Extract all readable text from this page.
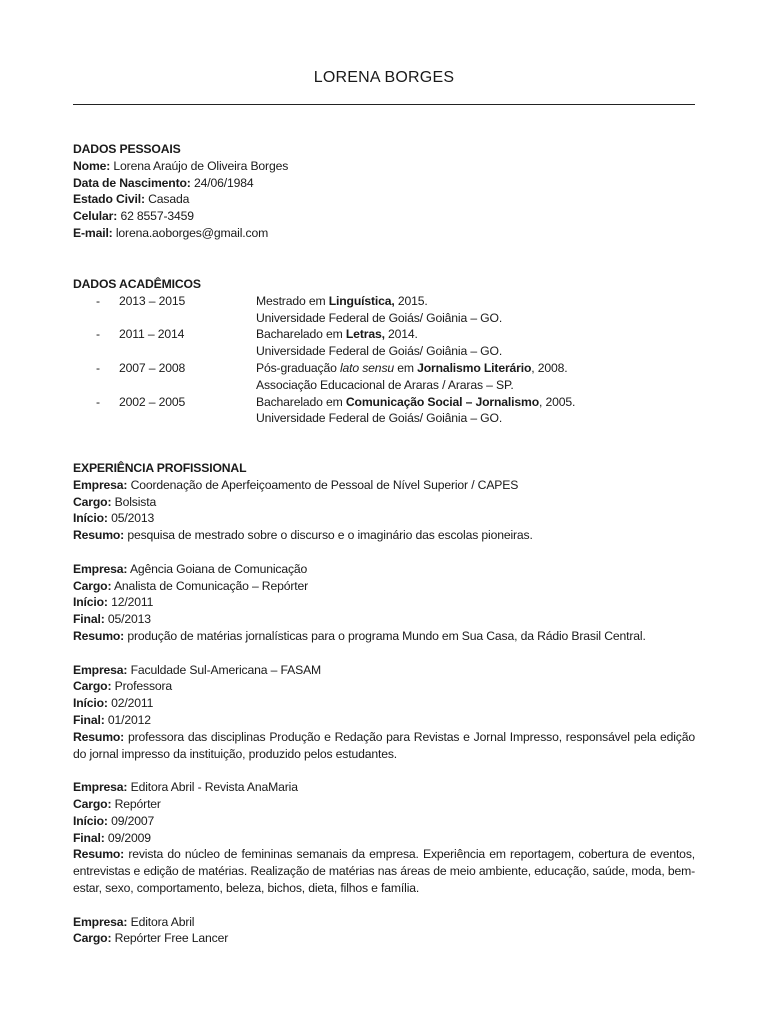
LORENA BORGES
DADOS PESSOAIS
Nome: Lorena Araújo de Oliveira Borges
Data de Nascimento: 24/06/1984
Estado Civil: Casada
Celular: 62 8557-3459
E-mail: lorena.aoborges@gmail.com
DADOS ACADÊMICOS
- 2013 – 2015	Mestrado em Linguística, 2015.
Universidade Federal de Goiás/ Goiânia – GO.
- 2011 – 2014	Bacharelado em Letras, 2014.
Universidade Federal de Goiás/ Goiânia – GO.
- 2007 – 2008	Pós-graduação lato sensu em Jornalismo Literário, 2008.
Associação Educacional de Araras / Araras – SP.
- 2002 – 2005	Bacharelado em Comunicação Social – Jornalismo, 2005.
Universidade Federal de Goiás/ Goiânia – GO.
EXPERIÊNCIA PROFISSIONAL
Empresa: Coordenação de Aperfeiçoamento de Pessoal de Nível Superior / CAPES
Cargo: Bolsista
Início: 05/2013
Resumo: pesquisa de mestrado sobre o discurso e o imaginário das escolas pioneiras.
Empresa: Agência Goiana de Comunicação
Cargo: Analista de Comunicação – Repórter
Início: 12/2011
Final: 05/2013
Resumo: produção de matérias jornalísticas para o programa Mundo em Sua Casa, da Rádio Brasil Central.
Empresa: Faculdade Sul-Americana – FASAM
Cargo: Professora
Início: 02/2011
Final: 01/2012
Resumo: professora das disciplinas Produção e Redação para Revistas e Jornal Impresso, responsável pela edição do jornal impresso da instituição, produzido pelos estudantes.
Empresa: Editora Abril - Revista AnaMaria
Cargo: Repórter
Início: 09/2007
Final: 09/2009
Resumo: revista do núcleo de femininas semanais da empresa. Experiência em reportagem, cobertura de eventos, entrevistas e edição de matérias. Realização de matérias nas áreas de meio ambiente, educação, saúde, moda, bem-estar, sexo, comportamento, beleza, bichos, dieta, filhos e família.
Empresa: Editora Abril
Cargo: Repórter Free Lancer
